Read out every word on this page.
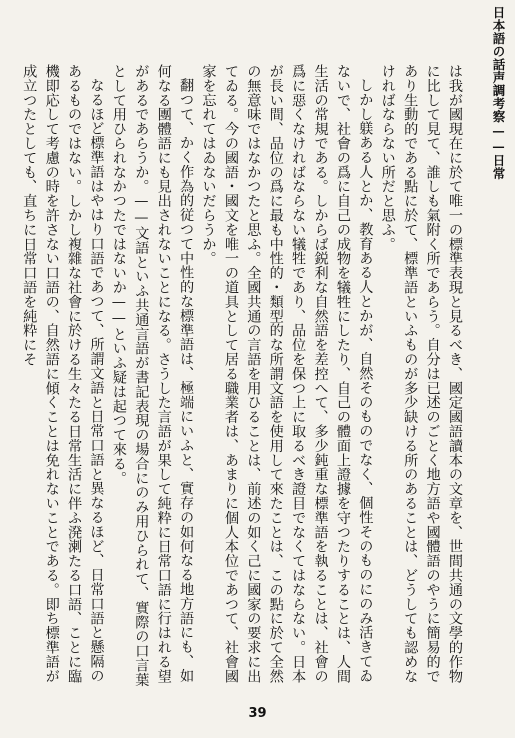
日本語の話声調考察——日常

は我が國現在に於て唯一の標準表現と見るべき、國定國語讀本の文章を、世間共通の文學的作物に比して見て、誰しも氣附く所であらう。自分は已述のごとく地方語や國體語のやうに簡易的であり生動的である點に於て、標準語といふものが多少缺ける所のあることは、どうしても認めなければならない所だと思ふ。

しかし躾ある人とか、教育ある人とかが、自然そのものでなく、個性そのものにのみ活きてゐないで、社會の爲に自己の成物を犠牲にしたり、自己の體面上證據を守つたりすることは、人間生活の常規である。しからば鋭利な自然語を差控へて、多少鈍重な標準語を執ることは、社會の爲に惡くなければならない犠牲であり、品位を保つ上に取るべき證目でなくてはならない。日本が長い間、品位の爲に最も中性的・類型的な所謂文語を使用して來たことは、この點に於て全然の無意味ではなかつたと思ふ。全國共通の言語を用ひることは、前述の如く己に國家の要求に出てゐる。今の國語・國文を唯一の道具として居る職業者は、あまりに個人本位であつて、社會國家を忘れてはゐないだらうか。

翻つて、かく作為的従つて中性的な標準語は、極端にいふと、實存の如何なる地方語にも、如何なる團體語にも見出されないことになる。さうした言語が果して純粋に日常口語に行はれる望があるであらうか。——文語といふ共通言語が書記表現の場合にのみ用ひられて、實際の口言葉として用ひられなかつたではないか——といふ疑は起つて來る。

なるほど標準語はやはり口語であつて、所謂文語と日常口語と異なるほど、日常口語と懸隔のあるものではない。しかし複雜な社會に於ける生々たる日常生活に伴ふ溌溂たる口語、ことに臨機即応して考慮の時を許さない口語の、自然語に傾くことは免れないことである。即ち標準語が成立つたとしても、直ちに日常口語を純粋にそ

39
